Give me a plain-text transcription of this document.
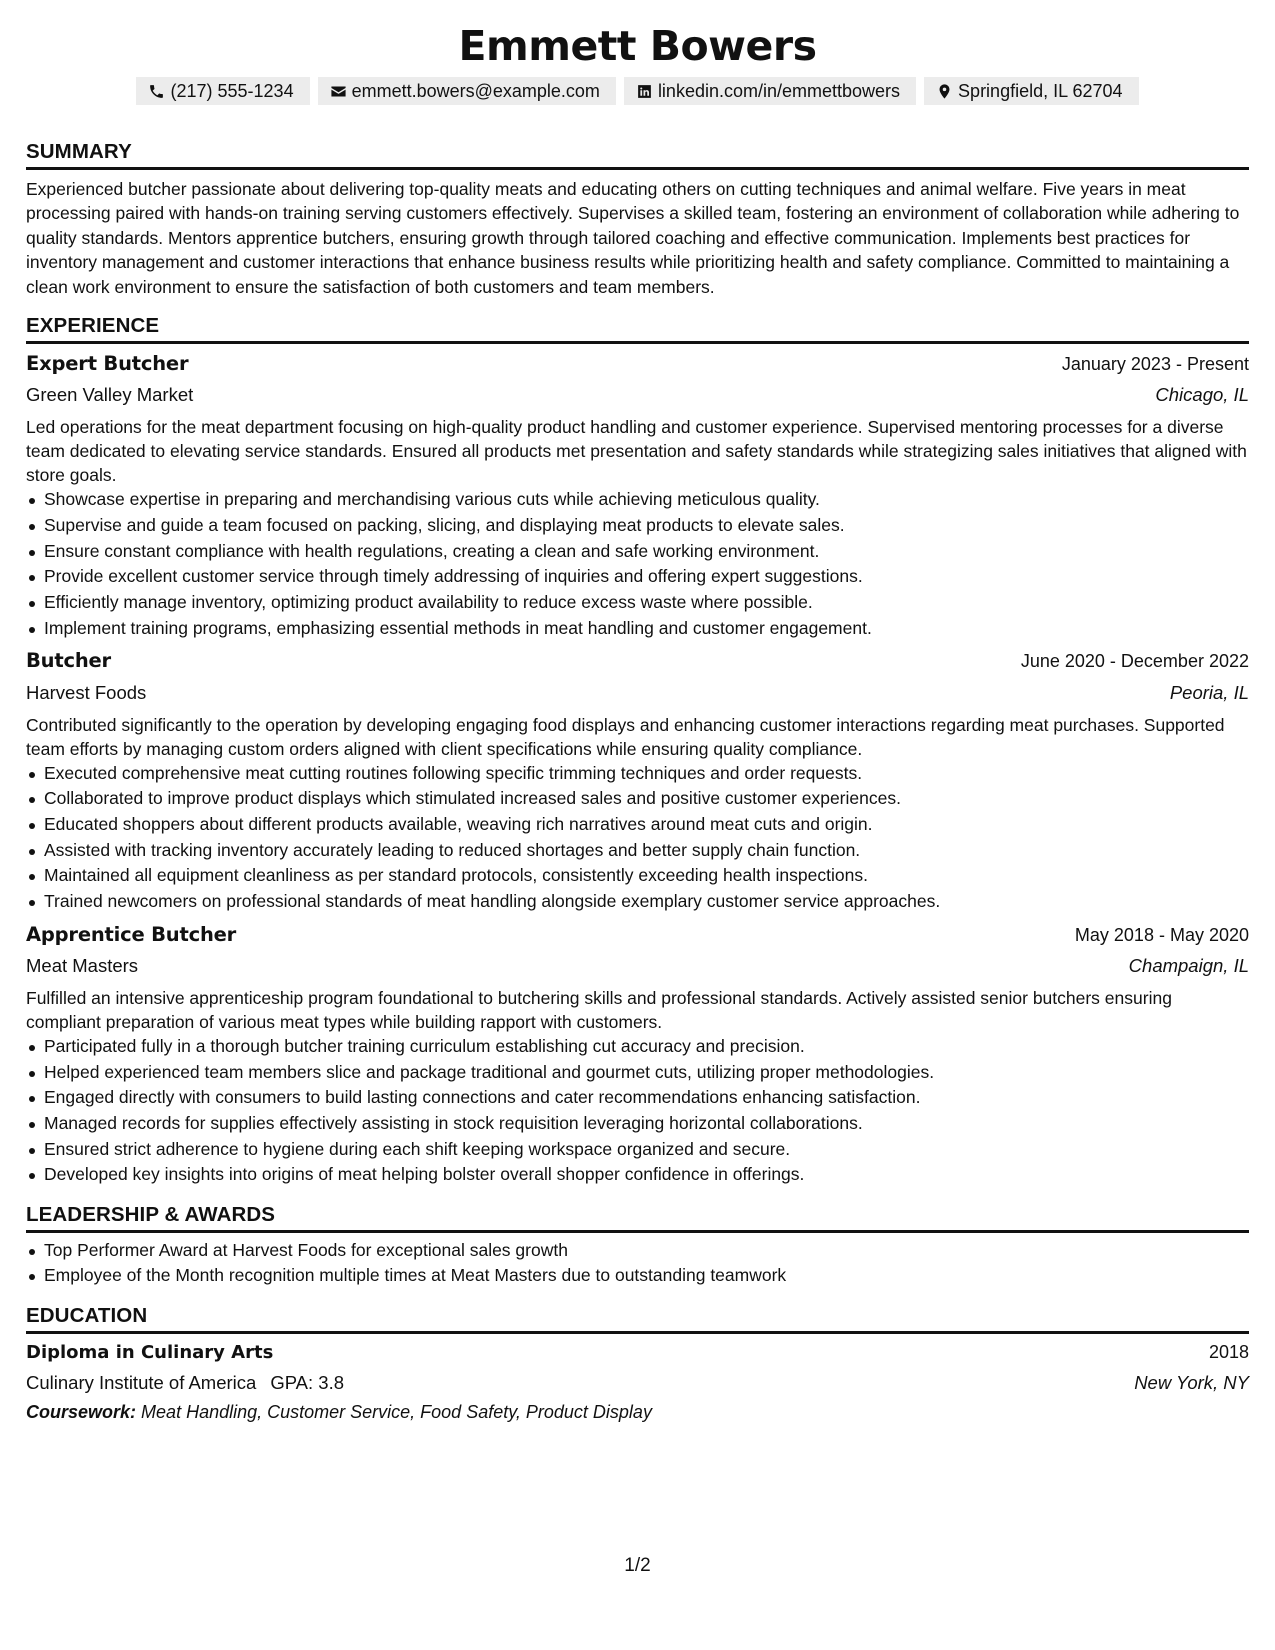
Emmett Bowers
(217) 555-1234	emmett.bowers@example.com	linkedin.com/in/emmettbowers	Springfield, IL 62704
SUMMARY

Experienced butcher passionate about delivering top-quality meats and educating others on cutting techniques and animal welfare. Five years in meat processing paired with hands-on training serving customers effectively. Supervises a skilled team, fostering an environment of collaboration while adhering to quality standards. Mentors apprentice butchers, ensuring growth through tailored coaching and effective communication. Implements best practices for inventory management and customer interactions that enhance business results while prioritizing health and safety compliance. Committed to maintaining a clean work environment to ensure the satisfaction of both customers and team members.

EXPERIENCE
Expert Butcher	January 2023 - Present
Green Valley Market	Chicago, IL

Led operations for the meat department focusing on high-quality product handling and customer experience. Supervised mentoring processes for a diverse team dedicated to elevating service standards. Ensured all products met presentation and safety standards while strategizing sales initiatives that aligned with store goals.

Showcase expertise in preparing and merchandising various cuts while achieving meticulous quality.
Supervise and guide a team focused on packing, slicing, and displaying meat products to elevate sales.
Ensure constant compliance with health regulations, creating a clean and safe working environment.
Provide excellent customer service through timely addressing of inquiries and offering expert suggestions.
Efficiently manage inventory, optimizing product availability to reduce excess waste where possible.
Implement training programs, emphasizing essential methods in meat handling and customer engagement.
Butcher	June 2020 - December 2022
Harvest Foods	Peoria, IL

Contributed significantly to the operation by developing engaging food displays and enhancing customer interactions regarding meat purchases. Supported team efforts by managing custom orders aligned with client specifications while ensuring quality compliance.

Executed comprehensive meat cutting routines following specific trimming techniques and order requests.
Collaborated to improve product displays which stimulated increased sales and positive customer experiences.
Educated shoppers about different products available, weaving rich narratives around meat cuts and origin.
Assisted with tracking inventory accurately leading to reduced shortages and better supply chain function.
Maintained all equipment cleanliness as per standard protocols, consistently exceeding health inspections.
Trained newcomers on professional standards of meat handling alongside exemplary customer service approaches.
Apprentice Butcher	May 2018 - May 2020
Meat Masters	Champaign, IL

Fulfilled an intensive apprenticeship program foundational to butchering skills and professional standards. Actively assisted senior butchers ensuring compliant preparation of various meat types while building rapport with customers.

Participated fully in a thorough butcher training curriculum establishing cut accuracy and precision.
Helped experienced team members slice and package traditional and gourmet cuts, utilizing proper methodologies.
Engaged directly with consumers to build lasting connections and cater recommendations enhancing satisfaction.
Managed records for supplies effectively assisting in stock requisition leveraging horizontal collaborations.
Ensured strict adherence to hygiene during each shift keeping workspace organized and secure.
Developed key insights into origins of meat helping bolster overall shopper confidence in offerings.
LEADERSHIP & AWARDS
Top Performer Award at Harvest Foods for exceptional sales growth
Employee of the Month recognition multiple times at Meat Masters due to outstanding teamwork
EDUCATION
Diploma in Culinary Arts	2018
Culinary Institute of America GPA: 3.8	New York, NY
Coursework: Meat Handling, Customer Service, Food Safety, Product Display
1/2
